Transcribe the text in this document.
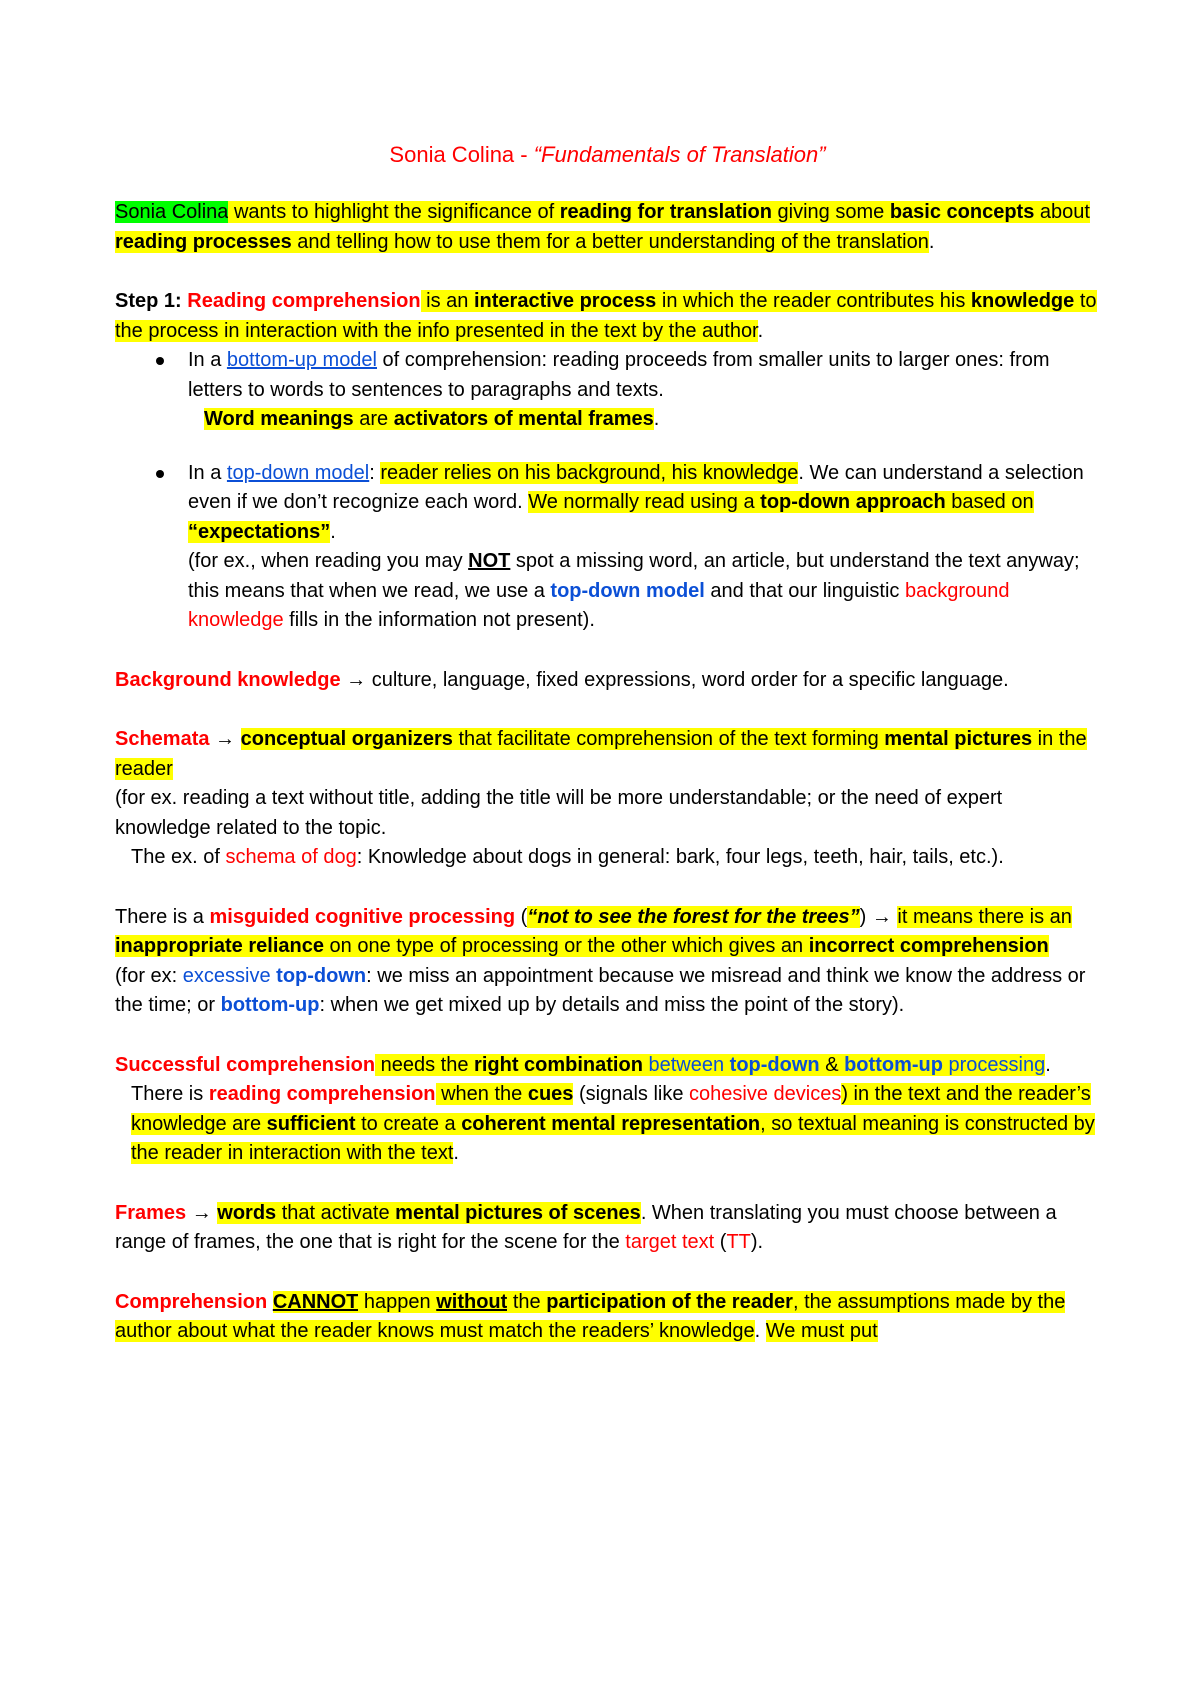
Sonia Colina - “Fundamentals of Translation”

Sonia Colina wants to highlight the significance of reading for translation giving some basic concepts about reading processes and telling how to use them for a better understanding of the translation.

Step 1: Reading comprehension is an interactive process in which the reader contributes his knowledge to the process in interaction with the info presented in the text by the author.

In a bottom-up model of comprehension: reading proceeds from smaller units to larger ones: from letters to words to sentences to paragraphs and texts.
Word meanings are activators of mental frames.
In a top-down model: reader relies on his background, his knowledge. We can understand a selection even if we don’t recognize each word. We normally read using a top-down approach based on “expectations”.
(for ex., when reading you may NOT spot a missing word, an article, but understand the text anyway; this means that when we read, we use a top-down model and that our linguistic background knowledge fills in the information not present).

Background knowledge → culture, language, fixed expressions, word order for a specific language.

Schemata → conceptual organizers that facilitate comprehension of the text forming mental pictures in the reader

(for ex. reading a text without title, adding the title will be more understandable; or the need of expert knowledge related to the topic.

The ex. of schema of dog: Knowledge about dogs in general: bark, four legs, teeth, hair, tails, etc.).

There is a misguided cognitive processing (“not to see the forest for the trees”) → it means there is an inappropriate reliance on one type of processing or the other which gives an incorrect comprehension

(for ex: excessive top-down: we miss an appointment because we misread and think we know the address or the time; or bottom-up: when we get mixed up by details and miss the point of the story).

Successful comprehension needs the right combination between top-down & bottom-up processing.

There is reading comprehension when the cues (signals like cohesive devices) in the text and the reader’s knowledge are sufficient to create a coherent mental representation, so textual meaning is constructed by the reader in interaction with the text.

Frames → words that activate mental pictures of scenes. When translating you must choose between a range of frames, the one that is right for the scene for the target text (TT).

Comprehension CANNOT happen without the participation of the reader, the assumptions made by the author about what the reader knows must match the readers’ knowledge. We must put
